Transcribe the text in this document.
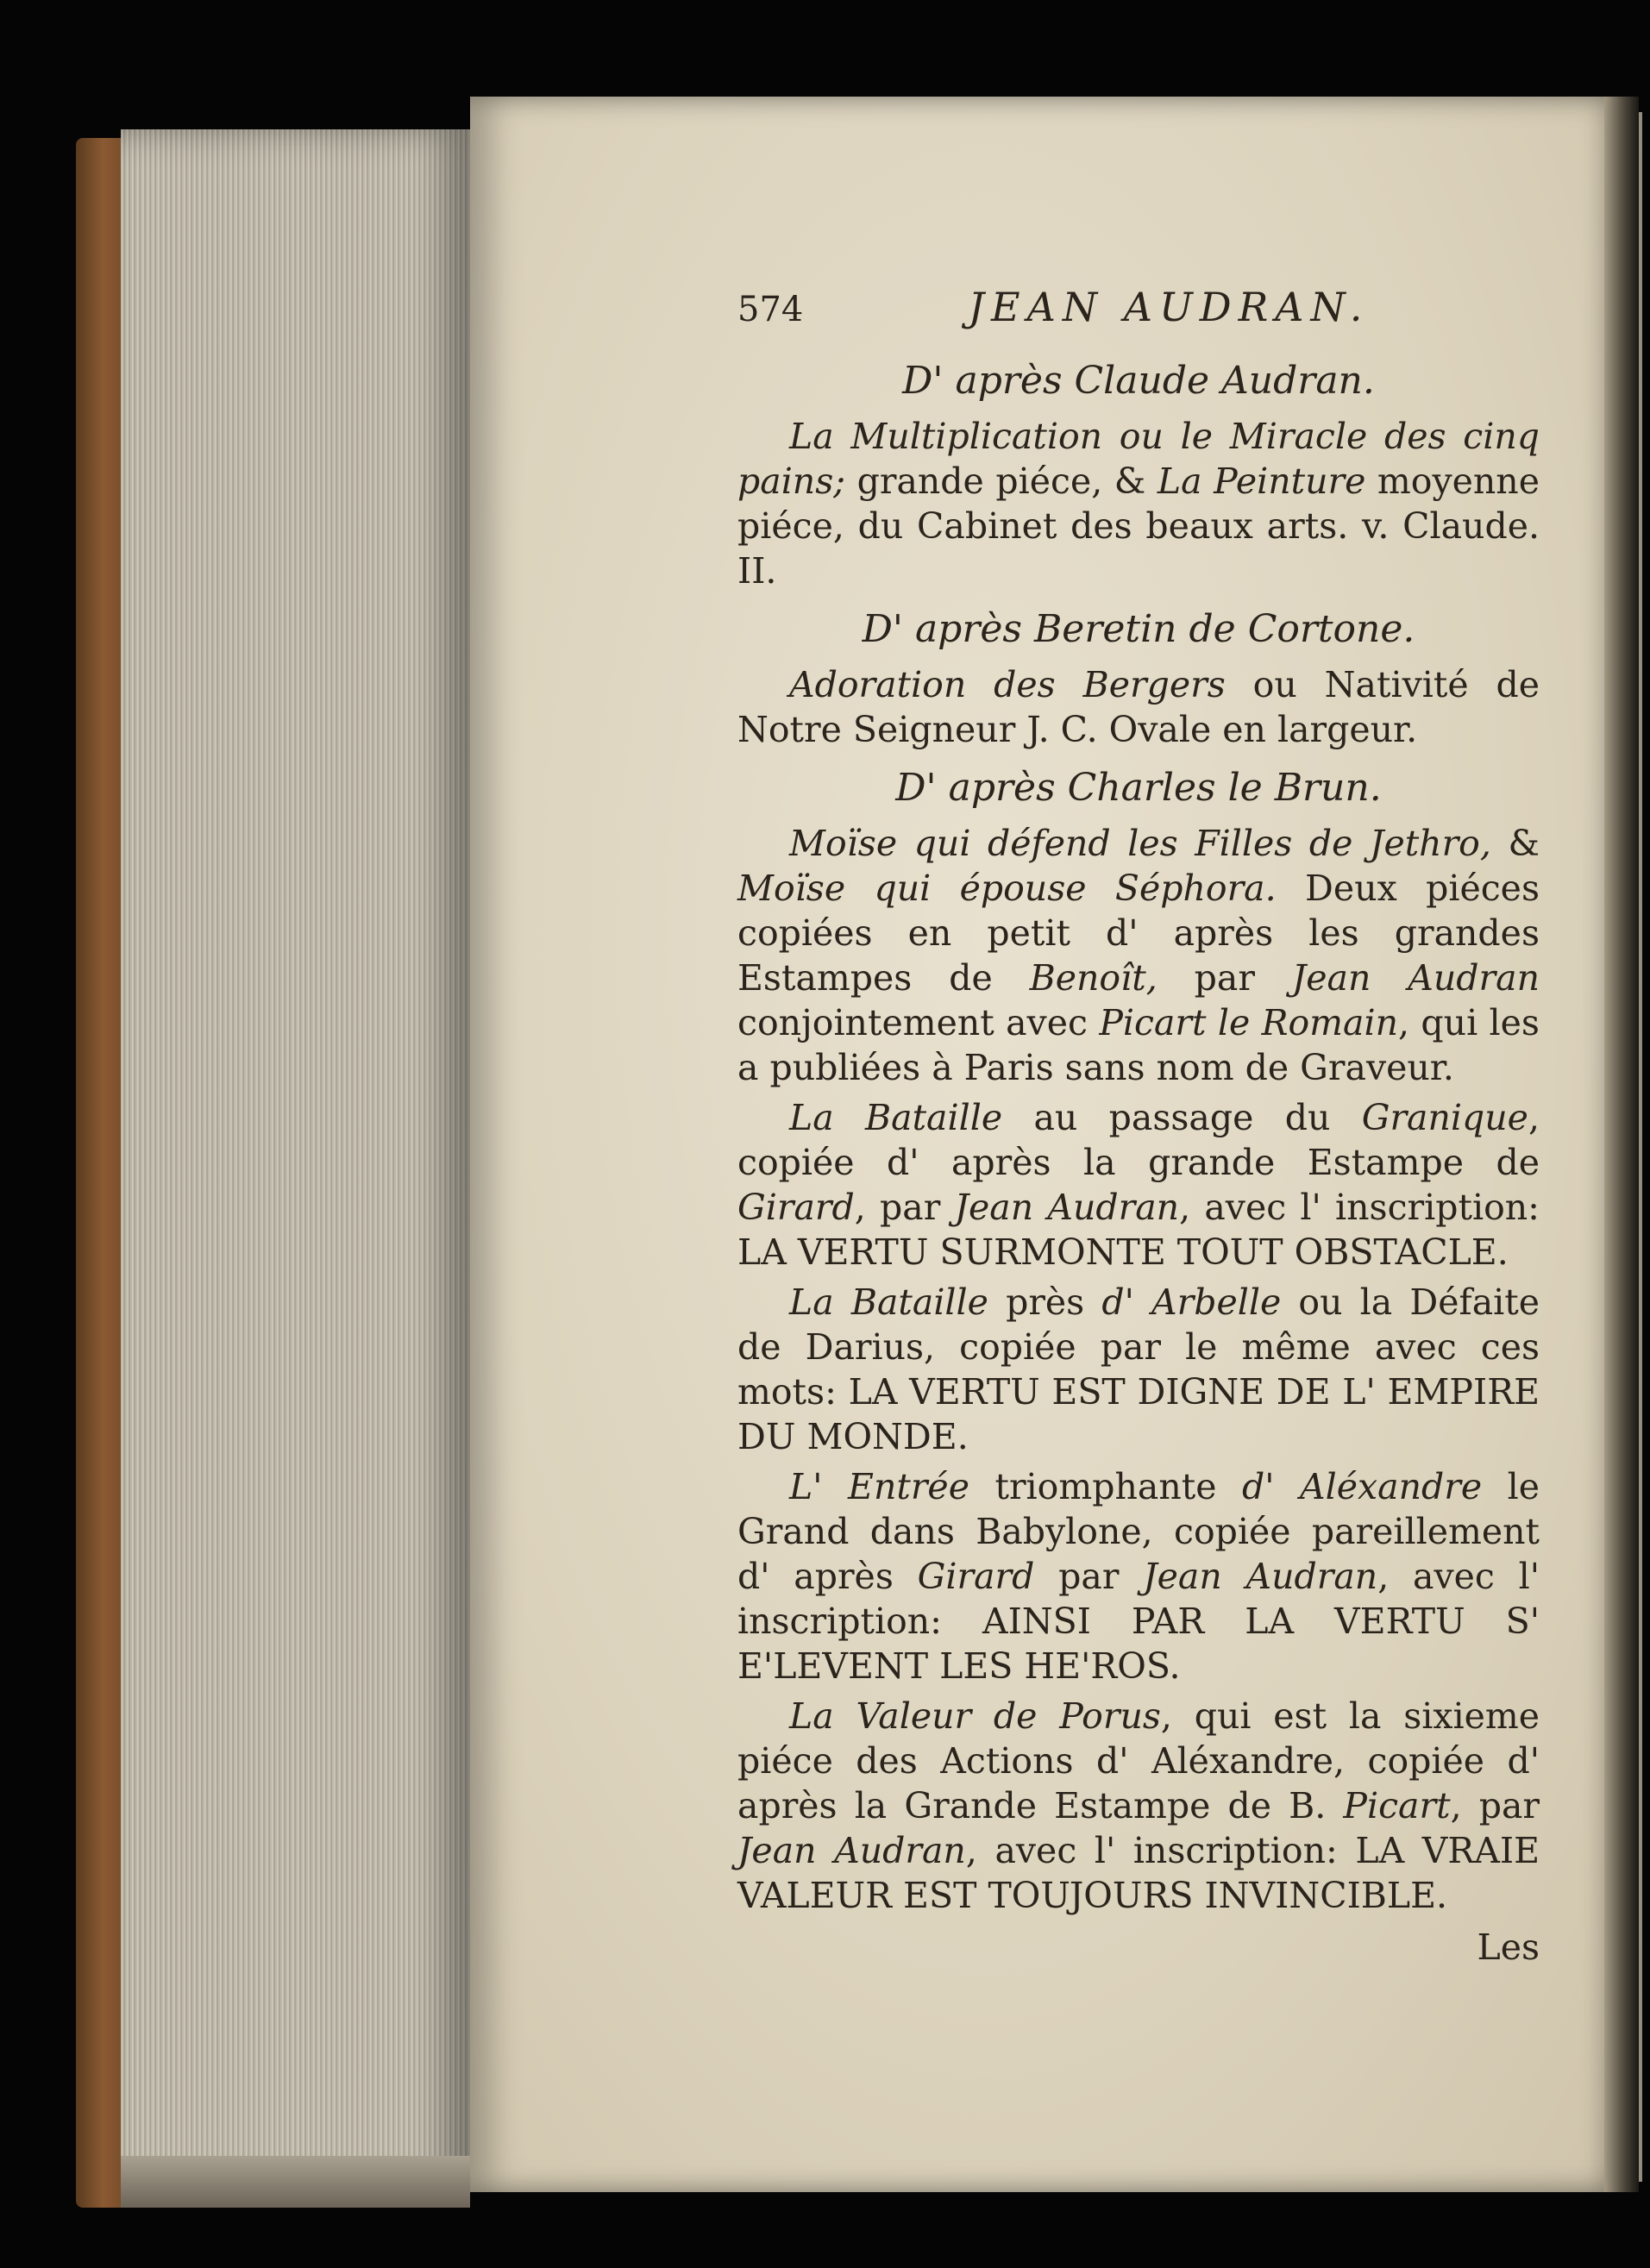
574	JEAN AUDRAN.
D' après Claude Audran.

La Multiplication ou le Miracle des cinq pains; grande piéce, & La Peinture moyenne piéce, du Cabinet des beaux arts. v. Claude. II.

D' après Beretin de Cortone.

Adoration des Bergers ou Nativité de Notre Seigneur J. C. Ovale en largeur.

D' après Charles le Brun.

Moïse qui défend les Filles de Jethro, & Moïse qui épouse Séphora. Deux piéces copiées en petit d' après les grandes Estampes de Benoît, par Jean Audran conjointement avec Picart le Romain, qui les a publiées à Paris sans nom de Graveur.

La Bataille au passage du Granique, copiée d' après la grande Estampe de Girard, par Jean Audran, avec l' inscription: LA VERTU SURMONTE TOUT OBSTACLE.

La Bataille près d' Arbelle ou la Défaite de Darius, copiée par le même avec ces mots: LA VERTU EST DIGNE DE L' EMPIRE DU MONDE.

L' Entrée triomphante d' Aléxandre le Grand dans Babylone, copiée pareillement d' après Girard par Jean Audran, avec l' inscription: AINSI PAR LA VERTU S' E'LEVENT LES HE'ROS.

La Valeur de Porus, qui est la sixieme piéce des Actions d' Aléxandre, copiée d' après la Grande Estampe de B. Picart, par Jean Audran, avec l' inscription: LA VRAIE VALEUR EST TOUJOURS INVINCIBLE.

Les
